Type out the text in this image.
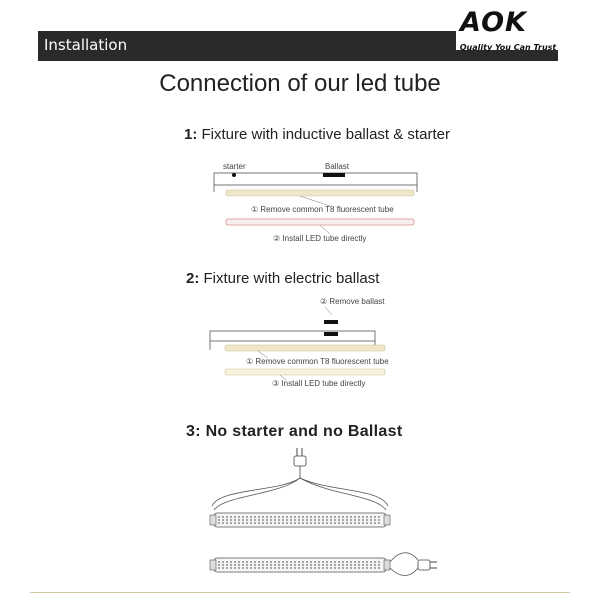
Installation
AOK
Quality You Can Trust
Connection of our led tube
1: Fixture with inductive ballast & starter
starter	Ballast
① Remove common T8 fluorescent tube
② Install LED tube directly
2: Fixture with electric ballast
② Remove ballast
① Remove common T8 fluorescent tube
③ Install LED tube directly
3: No starter and no Ballast
